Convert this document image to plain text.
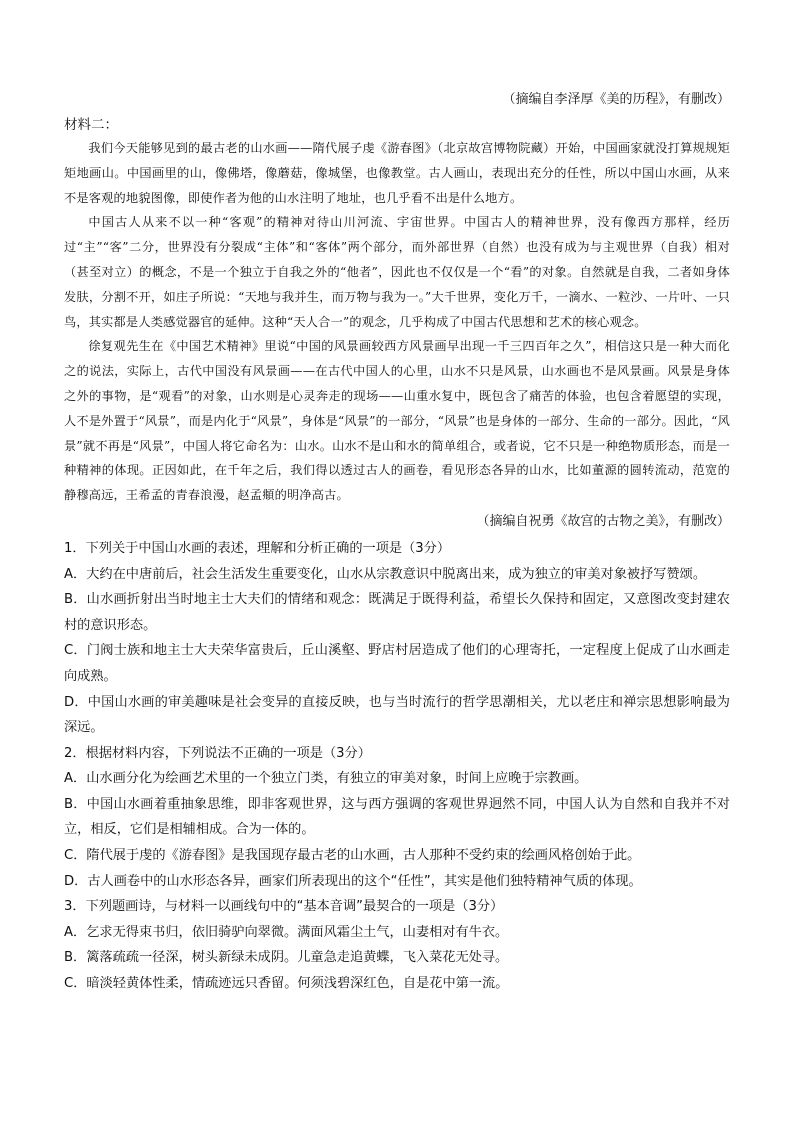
（摘编自李泽厚《美的历程》，有删改）
材料二：
我们今天能够见到的最古老的山水画——隋代展子虔《游春图》（北京故宫博物院藏）开始，中国画家就没打算规规矩矩地画山。中国画里的山，像佛塔，像蘑菇，像城堡，也像教堂。古人画山，表现出充分的任性，所以中国山水画，从来不是客观的地貌图像，即使作者为他的山水注明了地址，也几乎看不出是什么地方。
中国古人从来不以一种“客观”的精神对待山川河流、宇宙世界。中国古人的精神世界，没有像西方那样，经历过“主”“客”二分，世界没有分裂成“主体”和“客体”两个部分，而外部世界（自然）也没有成为与主观世界（自我）相对（甚至对立）的概念，不是一个独立于自我之外的“他者”，因此也不仅仅是一个“看”的对象。自然就是自我，二者如身体发肤，分割不开，如庄子所说：“天地与我并生，而万物与我为一。”大千世界，变化万千，一滴水、一粒沙、一片叶、一只鸟，其实都是人类感觉器官的延伸。这种“天人合一”的观念，几乎构成了中国古代思想和艺术的核心观念。
徐复观先生在《中国艺术精神》里说“中国的风景画较西方风景画早出现一千三四百年之久”，相信这只是一种大而化之的说法，实际上，古代中国没有风景画——在古代中国人的心里，山水不只是风景，山水画也不是风景画。风景是身体之外的事物，是“观看”的对象，山水则是心灵奔走的现场——山重水复中，既包含了痛苦的体验，也包含着愿望的实现，人不是外置于“风景”，而是内化于“风景”，身体是“风景”的一部分，“风景”也是身体的一部分、生命的一部分。因此，“风景”就不再是“风景”，中国人将它命名为：山水。山水不是山和水的简单组合，或者说，它不只是一种绝物质形态，而是一种精神的体现。正因如此，在千年之后，我们得以透过古人的画卷，看见形态各异的山水，比如董源的圆转流动，范宽的静穆高远，王希孟的青春浪漫，赵孟頫的明净高古。
（摘编自祝勇《故宫的古物之美》，有删改）
1．下列关于中国山水画的表述，理解和分析正确的一项是（3分）
A．大约在中唐前后，社会生活发生重要变化，山水从宗教意识中脱离出来，成为独立的审美对象被抒写赞颂。
B．山水画折射出当时地主士大夫们的情绪和观念：既满足于既得利益，希望长久保持和固定，又意图改变封建农村的意识形态。
C．门阀士族和地主士大夫荣华富贵后，丘山溪壑、野店村居造成了他们的心理寄托，一定程度上促成了山水画走向成熟。
D．中国山水画的审美趣味是社会变异的直接反映，也与当时流行的哲学思潮相关，尤以老庄和禅宗思想影响最为深远。
2．根据材料内容，下列说法不正确的一项是（3分）
A．山水画分化为绘画艺术里的一个独立门类，有独立的审美对象，时间上应晚于宗教画。
B．中国山水画着重抽象思维，即非客观世界，这与西方强调的客观世界迥然不同，中国人认为自然和自我并不对立，相反，它们是相辅相成。合为一体的。
C．隋代展于虔的《游春图》是我国现存最古老的山水画，古人那种不受约束的绘画风格创始于此。
D．古人画卷中的山水形态各异，画家们所表现出的这个“任性”，其实是他们独特精神气质的体现。
3．下列题画诗，与材料一以画线句中的“基本音调”最契合的一项是（3分）
A．乞求无得束书归，依旧骑驴向翠微。满面风霜尘土气，山妻相对有牛衣。
B．篱落疏疏一径深，树头新绿未成阴。儿童急走追黄蝶，飞入菜花无处寻。
C．暗淡轻黄体性柔，情疏迹远只香留。何须浅碧深红色，自是花中第一流。
